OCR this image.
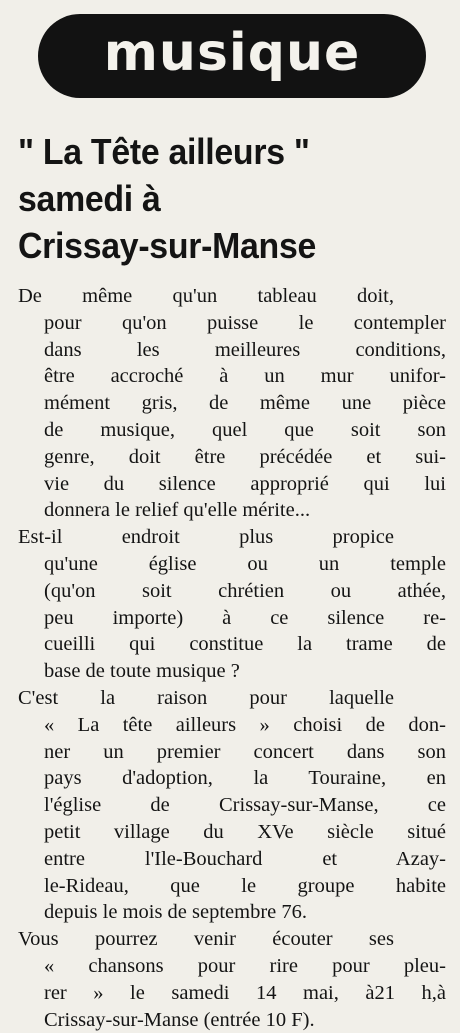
musique
" La Tête ailleurs "
samedi à
Crissay-sur-Manse

De même qu'un tableau doit,
pour qu'on puisse le contempler
dans les meilleures conditions,
être accroché à un mur unifor-
mément gris, de même une pièce
de musique, quel que soit son
genre, doit être précédée et sui-
vie du silence approprié qui lui
donnera le relief qu'elle mérite...

Est-il endroit plus propice
qu'une église ou un temple
(qu'on soit chrétien ou athée,
peu importe) à ce silence re-
cueilli qui constitue la trame de
base de toute musique ?

C'est la raison pour laquelle
« La tête ailleurs » choisi de don-
ner un premier concert dans son
pays d'adoption, la Touraine, en
l'église de Crissay-sur-Manse, ce
petit village du XVe siècle situé
entre l'Ile-Bouchard et Azay-
le-Rideau, que le groupe habite
depuis le mois de septembre 76.

Vous pourrez venir écouter ses
« chansons pour rire pour pleu-
rer » le samedi 14 mai, à21 h,à
Crissay-sur-Manse (entrée 10 F).
